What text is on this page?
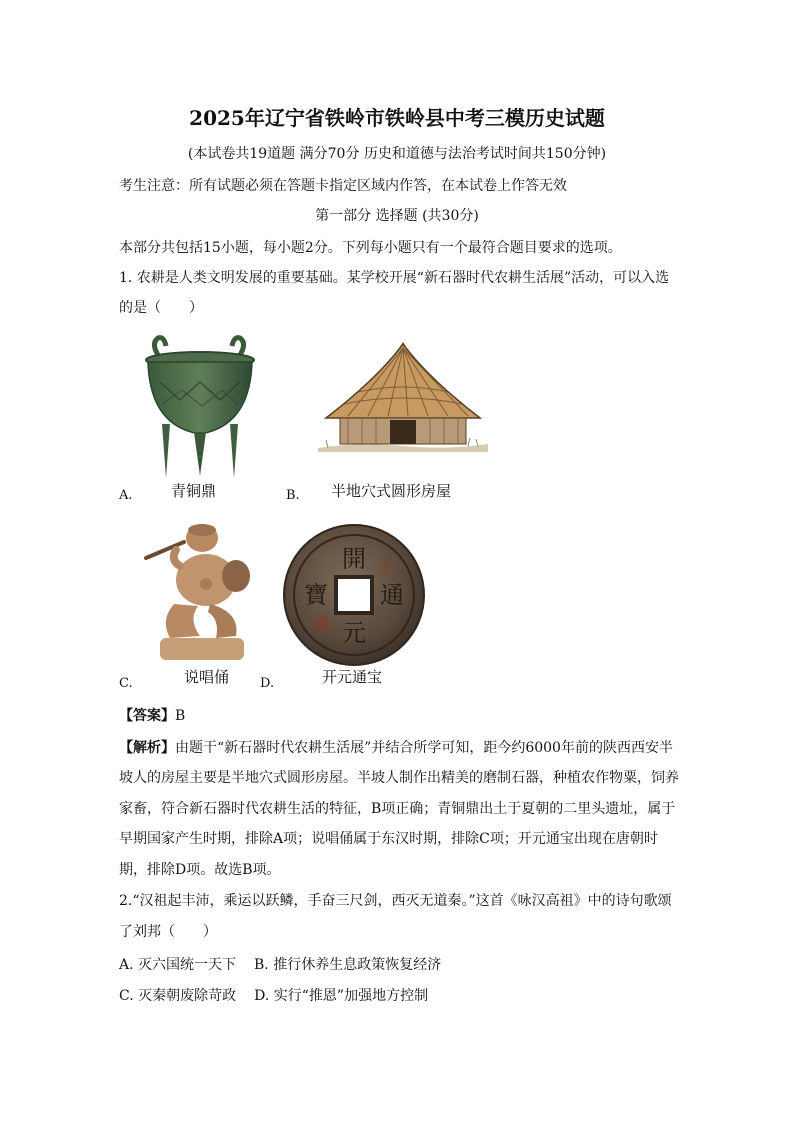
2025年辽宁省铁岭市铁岭县中考三模历史试题
(本试卷共19道题 满分70分 历史和道德与法治考试时间共150分钟)
考生注意：所有试题必须在答题卡指定区域内作答，在本试卷上作答无效
第一部分 选择题 (共30分)
本部分共包括15小题，每小题2分。下列每小题只有一个最符合题目要求的选项。
1. 农耕是人类文明发展的重要基础。某学校开展“新石器时代农耕生活展”活动，可以入选
的是（　　）
A.	青铜鼎	B. 半地穴式圆形房屋
C.	说唱俑
開
通
元
寶
D.	开元通宝
【答案】B
【解析】由题干“新石器时代农耕生活展”并结合所学可知，距今约6000年前的陕西西安半
坡人的房屋主要是半地穴式圆形房屋。半坡人制作出精美的磨制石器，种植农作物粟，饲养
家畜，符合新石器时代农耕生活的特征，B项正确；青铜鼎出土于夏朝的二里头遗址，属于
早期国家产生时期，排除A项；说唱俑属于东汉时期，排除C项；开元通宝出现在唐朝时
期，排除D项。故选B项。
2.“汉祖起丰沛，乘运以跃鳞，手奋三尺剑，西灭无道秦。”这首《咏汉高祖》中的诗句歌颂
了刘邦（　　）
A. 灭六国统一天下 B. 推行休养生息政策恢复经济
C. 灭秦朝废除苛政 D. 实行“推恩”加强地方控制
